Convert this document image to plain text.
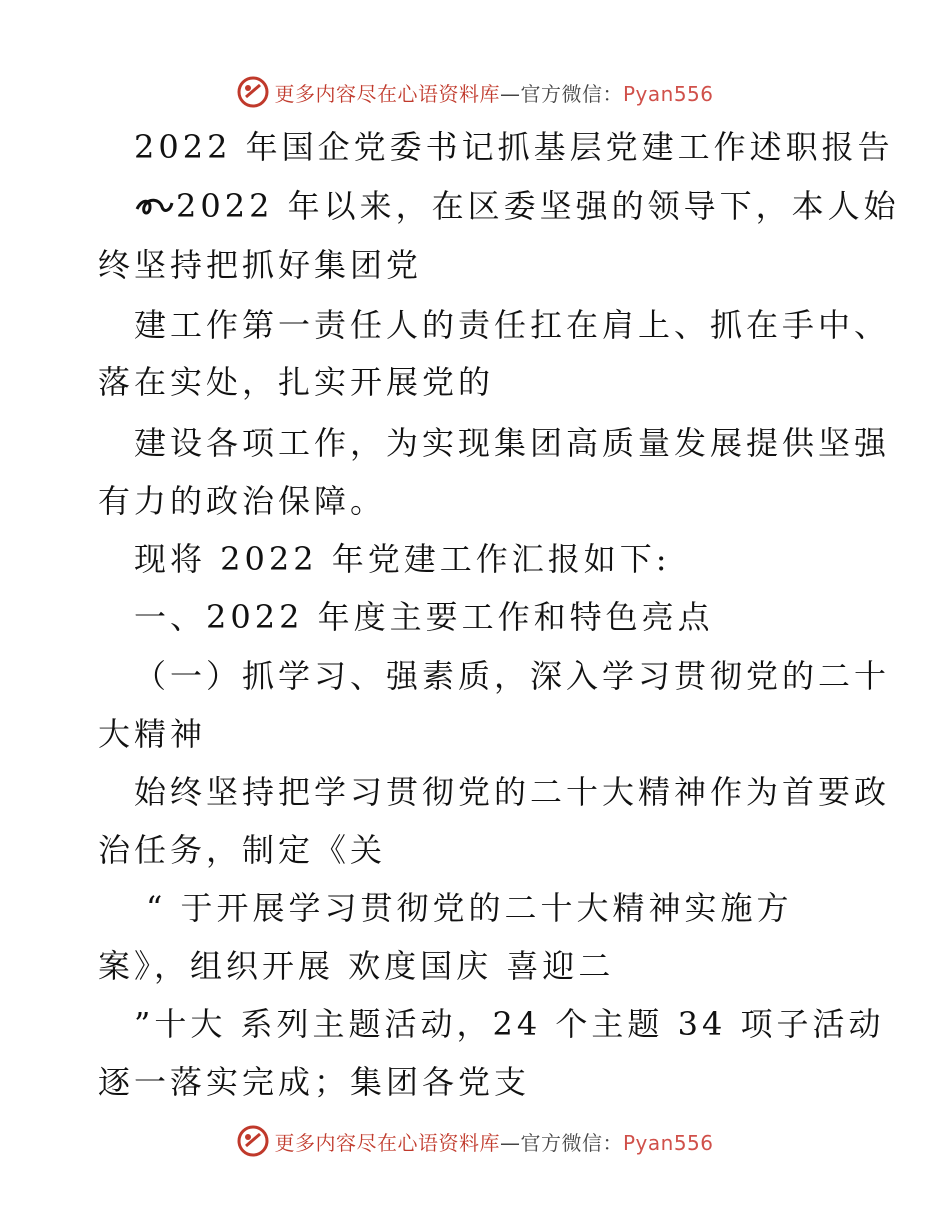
更多内容尽在心语资料库—官方微信：Pyan556
2022 年国企党委书记抓基层党建工作述职报告
2022 年以来，在区委坚强的领导下，本人始
终坚持把抓好集团党
建工作第一责任人的责任扛在肩上、抓在手中、
落在实处，扎实开展党的
建设各项工作，为实现集团高质量发展提供坚强
有力的政治保障。
现将 2022 年党建工作汇报如下:
一、2022 年度主要工作和特色亮点
（一）抓学习、强素质，深入学习贯彻党的二十
大精神
始终坚持把学习贯彻党的二十大精神作为首要政
治任务，制定《关
“ 于开展学习贯彻党的二十大精神实施方
案》，组织开展 欢度国庆 喜迎二
”十大 系列主题活动，24 个主题 34 项子活动
逐一落实完成；集团各党支
更多内容尽在心语资料库—官方微信：Pyan556
